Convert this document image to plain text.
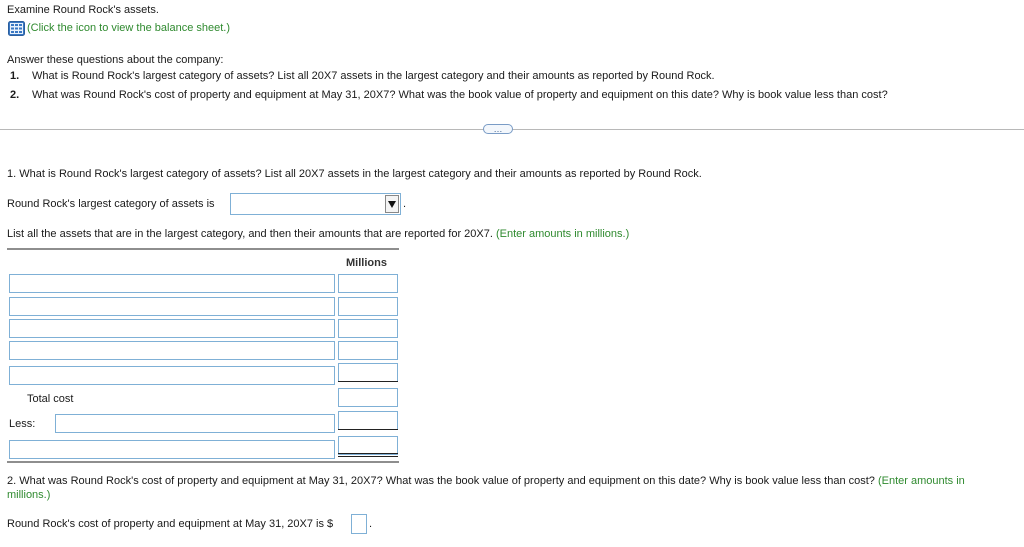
Examine Round Rock's assets.
(Click the icon to view the balance sheet.)
Answer these questions about the company:
1. What is Round Rock's largest category of assets? List all 20X7 assets in the largest category and their amounts as reported by Round Rock.
2. What was Round Rock's cost of property and equipment at May 31, 20X7? What was the book value of property and equipment on this date? Why is book value less than cost?
…
1. What is Round Rock's largest category of assets? List all 20X7 assets in the largest category and their amounts as reported by Round Rock.
Round Rock's largest category of assets is	.
List all the assets that are in the largest category, and then their amounts that are reported for 20X7. (Enter amounts in millions.)
Millions
Total cost
Less:
2. What was Round Rock's cost of property and equipment at May 31, 20X7? What was the book value of property and equipment on this date? Why is book value less than cost? (Enter amounts in
millions.)
Round Rock's cost of property and equipment at May 31, 20X7 is $	.
